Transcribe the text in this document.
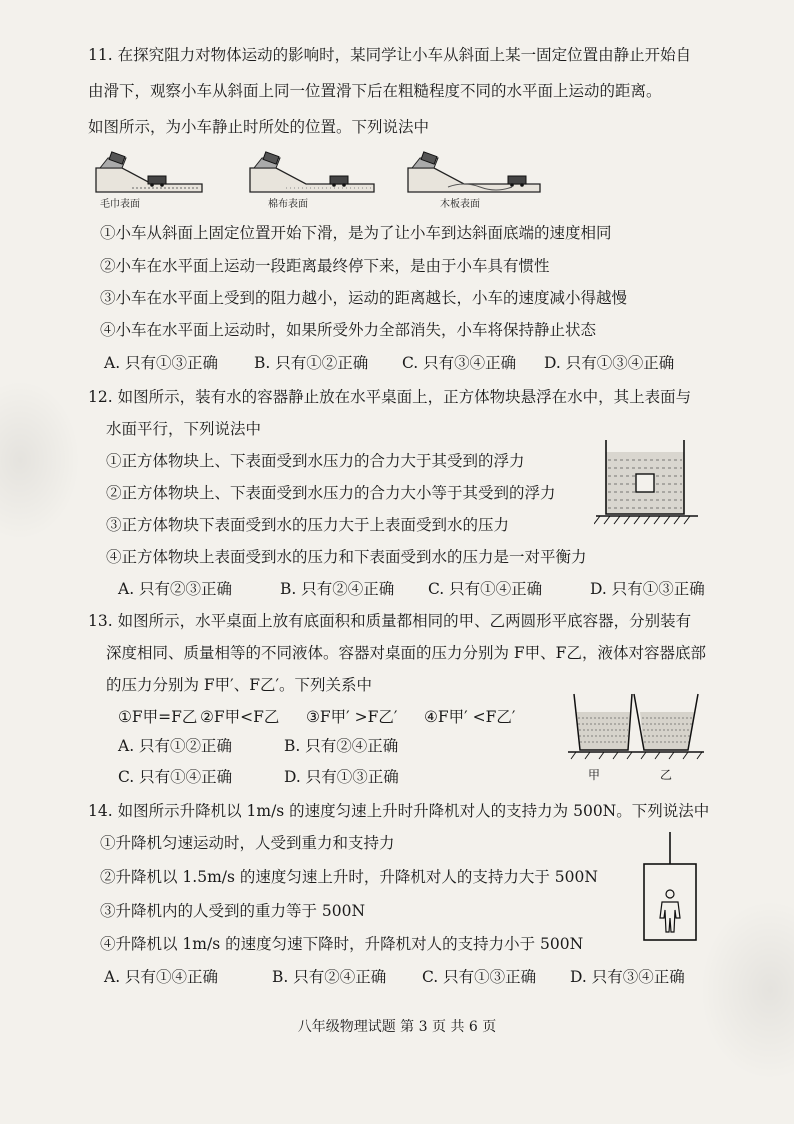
11. 在探究阻力对物体运动的影响时，某同学让小车从斜面上某一固定位置由静止开始自
由滑下，观察小车从斜面上同一位置滑下后在粗糙程度不同的水平面上运动的距离。
如图所示，为小车静止时所处的位置。下列说法中
毛巾表面	棉布表面	木板表面
①小车从斜面上固定位置开始下滑，是为了让小车到达斜面底端的速度相同
②小车在水平面上运动一段距离最终停下来，是由于小车具有惯性
③小车在水平面上受到的阻力越小，运动的距离越长，小车的速度减小得越慢
④小车在水平面上运动时，如果所受外力全部消失，小车将保持静止状态
A. 只有①③正确 B. 只有①②正确 C. 只有③④正确 D. 只有①③④正确
12. 如图所示，装有水的容器静止放在水平桌面上，正方体物块悬浮在水中，其上表面与
水面平行，下列说法中
①正方体物块上、下表面受到水压力的合力大于其受到的浮力
②正方体物块上、下表面受到水压力的合力大小等于其受到的浮力
③正方体物块下表面受到水的压力大于上表面受到水的压力
④正方体物块上表面受到水的压力和下表面受到水的压力是一对平衡力
A. 只有②③正确	B. 只有②④正确 C. 只有①④正确	D. 只有①③正确
13. 如图所示，水平桌面上放有底面积和质量都相同的甲、乙两圆形平底容器，分别装有
深度相同、质量相等的不同液体。容器对桌面的压力分别为 F甲、F乙，液体对容器底部
的压力分别为 F甲′、F乙′。下列关系中
①F甲=F乙 ②F甲<F乙 ③F甲′ >F乙′ ④F甲′ <F乙′
A. 只有①②正确	B. 只有②④正确
C. 只有①④正确	D. 只有①③正确	甲	乙
14. 如图所示升降机以 1m/s 的速度匀速上升时升降机对人的支持力为 500N。下列说法中
①升降机匀速运动时，人受到重力和支持力
②升降机以 1.5m/s 的速度匀速上升时，升降机对人的支持力大于 500N
③升降机内的人受到的重力等于 500N
④升降机以 1m/s 的速度匀速下降时，升降机对人的支持力小于 500N
A. 只有①④正确	B. 只有②④正确 C. 只有①③正确 D. 只有③④正确
八年级物理试题 第 3 页 共 6 页
